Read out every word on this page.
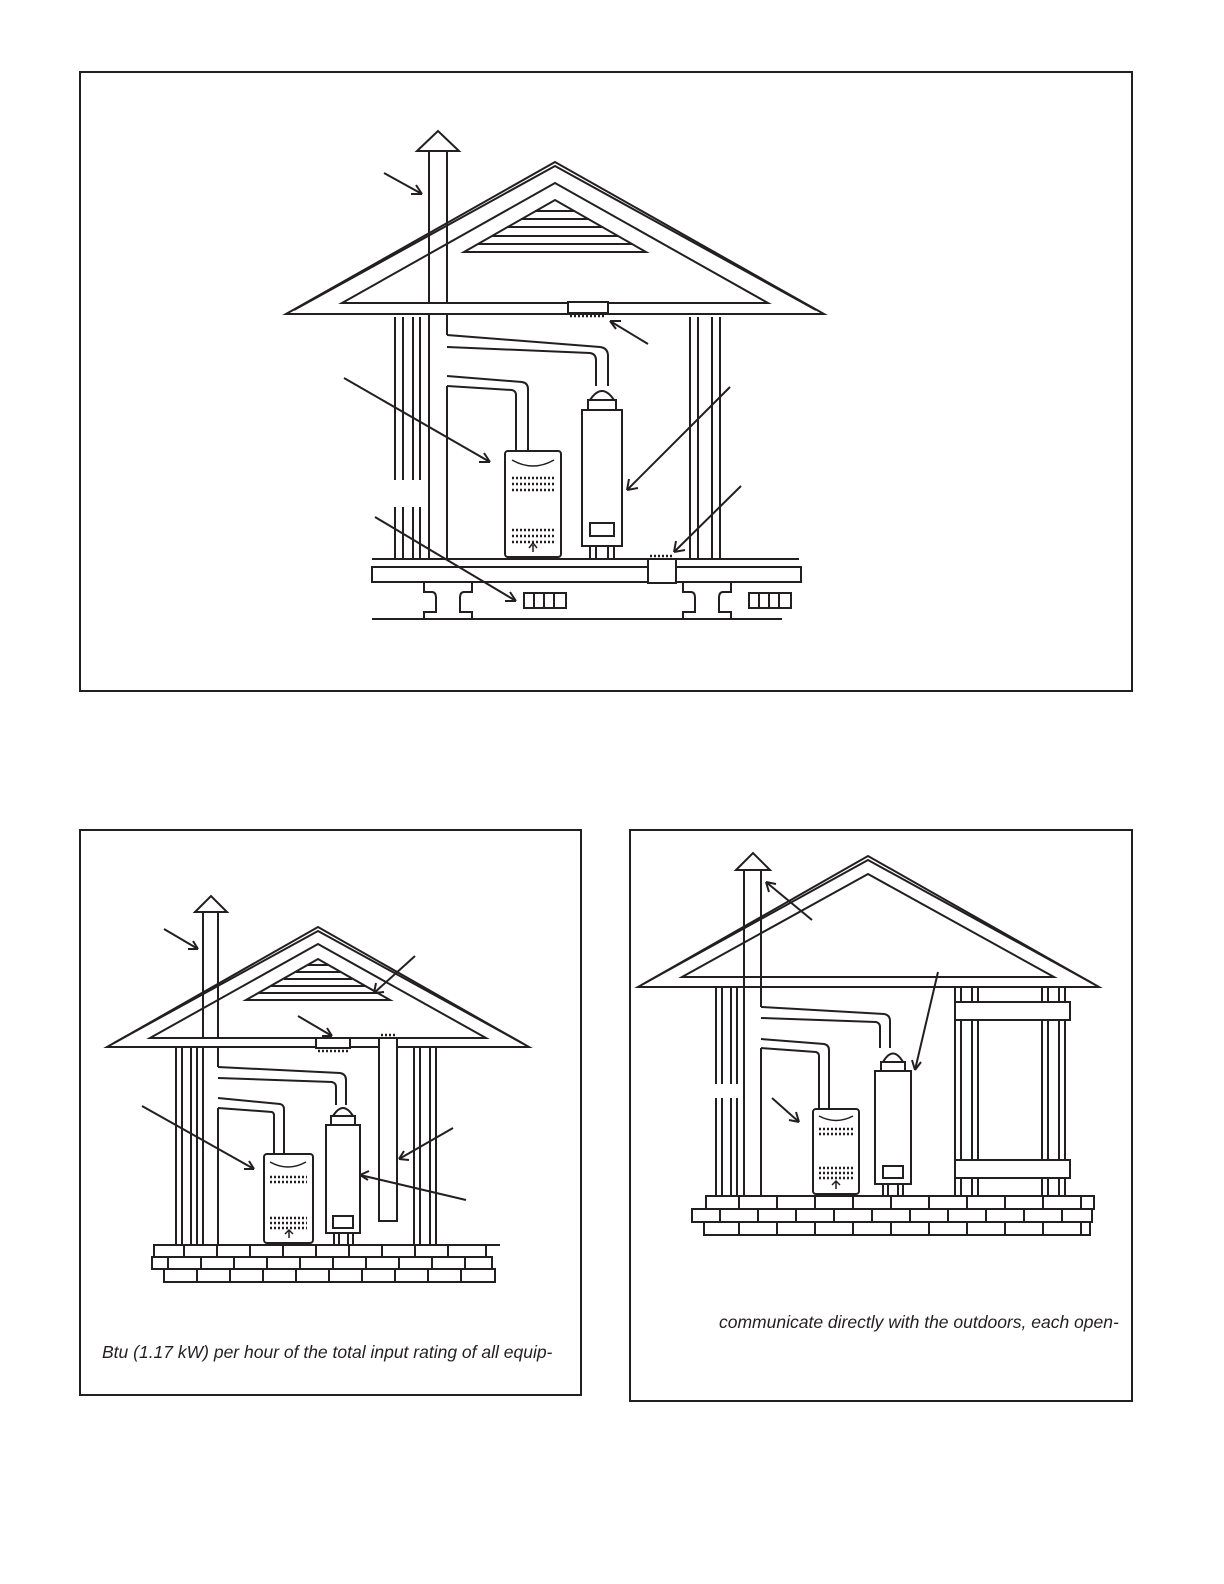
Btu (1.17 kW) per hour of the total input rating of all equip-
communicate directly with the outdoors, each open-
